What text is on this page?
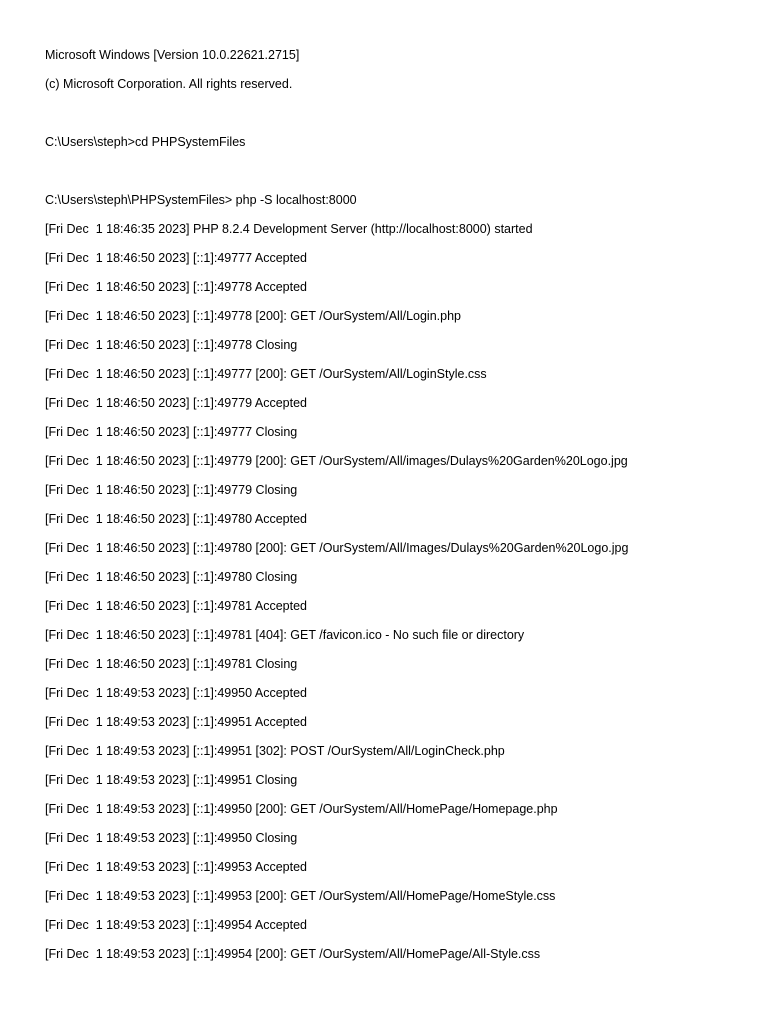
Microsoft Windows [Version 10.0.22621.2715]
(c) Microsoft Corporation. All rights reserved.
C:\Users\steph>cd PHPSystemFiles
C:\Users\steph\PHPSystemFiles> php -S localhost:8000
[Fri Dec  1 18:46:35 2023] PHP 8.2.4 Development Server (http://localhost:8000) started
[Fri Dec  1 18:46:50 2023] [::1]:49777 Accepted
[Fri Dec  1 18:46:50 2023] [::1]:49778 Accepted
[Fri Dec  1 18:46:50 2023] [::1]:49778 [200]: GET /OurSystem/All/Login.php
[Fri Dec  1 18:46:50 2023] [::1]:49778 Closing
[Fri Dec  1 18:46:50 2023] [::1]:49777 [200]: GET /OurSystem/All/LoginStyle.css
[Fri Dec  1 18:46:50 2023] [::1]:49779 Accepted
[Fri Dec  1 18:46:50 2023] [::1]:49777 Closing
[Fri Dec  1 18:46:50 2023] [::1]:49779 [200]: GET /OurSystem/All/images/Dulays%20Garden%20Logo.jpg
[Fri Dec  1 18:46:50 2023] [::1]:49779 Closing
[Fri Dec  1 18:46:50 2023] [::1]:49780 Accepted
[Fri Dec  1 18:46:50 2023] [::1]:49780 [200]: GET /OurSystem/All/Images/Dulays%20Garden%20Logo.jpg
[Fri Dec  1 18:46:50 2023] [::1]:49780 Closing
[Fri Dec  1 18:46:50 2023] [::1]:49781 Accepted
[Fri Dec  1 18:46:50 2023] [::1]:49781 [404]: GET /favicon.ico - No such file or directory
[Fri Dec  1 18:46:50 2023] [::1]:49781 Closing
[Fri Dec  1 18:49:53 2023] [::1]:49950 Accepted
[Fri Dec  1 18:49:53 2023] [::1]:49951 Accepted
[Fri Dec  1 18:49:53 2023] [::1]:49951 [302]: POST /OurSystem/All/LoginCheck.php
[Fri Dec  1 18:49:53 2023] [::1]:49951 Closing
[Fri Dec  1 18:49:53 2023] [::1]:49950 [200]: GET /OurSystem/All/HomePage/Homepage.php
[Fri Dec  1 18:49:53 2023] [::1]:49950 Closing
[Fri Dec  1 18:49:53 2023] [::1]:49953 Accepted
[Fri Dec  1 18:49:53 2023] [::1]:49953 [200]: GET /OurSystem/All/HomePage/HomeStyle.css
[Fri Dec  1 18:49:53 2023] [::1]:49954 Accepted
[Fri Dec  1 18:49:53 2023] [::1]:49954 [200]: GET /OurSystem/All/HomePage/All-Style.css
